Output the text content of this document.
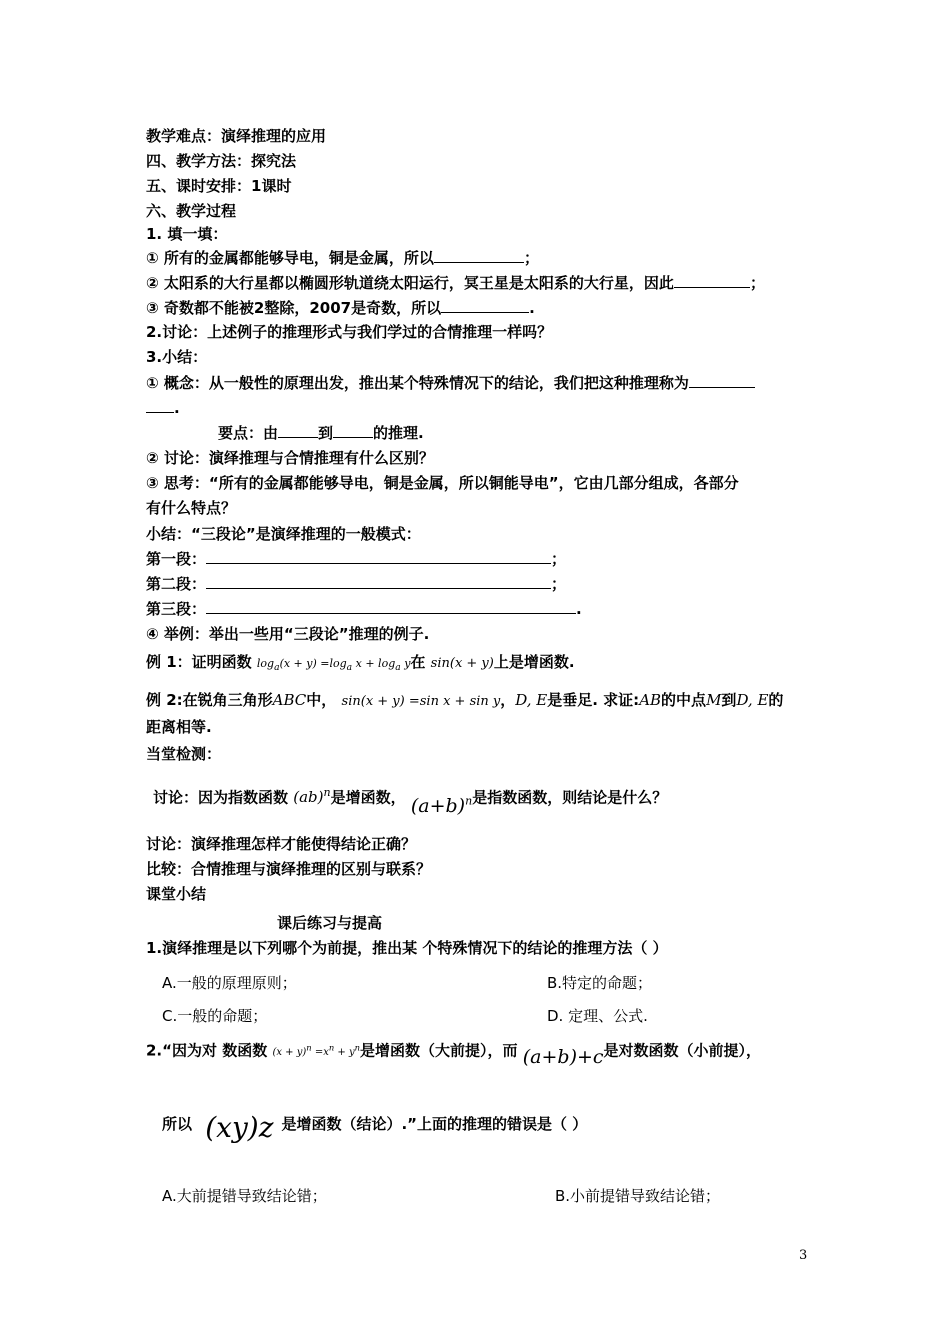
教学难点：演绎推理的应用
四、教学方法：探究法
五、课时安排：1课时
六、教学过程
1. 填一填：
① 所有的金属都能够导电，铜是金属，所以	；
② 太阳系的大行星都以椭圆形轨道绕太阳运行，冥王星是太阳系的大行星，因此	；
③ 奇数都不能被2整除，2007是奇数，所以	.
2.讨论：上述例子的推理形式与我们学过的合情推理一样吗？
3.小结：
① 概念：从一般性的原理出发，推出某个特殊情况下的结论，我们把这种推理称为
.
要点：由	到	的推理.
② 讨论：演绎推理与合情推理有什么区别？
③ 思考：“所有的金属都能够导电，铜是金属，所以铜能导电”，它由几部分组成，各部分
有什么特点？
小结：“三段论”是演绎推理的一般模式：
第一段：	；
第二段：	；
第三段：	.
④ 举例：举出一些用“三段论”推理的例子.
例 1：证明函数 $\log_a(x + y) =\log_a$ $x + \log_a y$在 sin(x + y)上是增函数.
例 2:在锐角三角形ABC中， sin(x + y) =sin x + sin y，D, E是垂足. 求证:AB的中点M到D, E的
距离相等.
当堂检测：
讨论：因为指数函数 (ab)$^n$是增函数， $(a+b)^n$是指数函数，则结论是什么？
讨论：演绎推理怎样才能使得结论正确？
比较：合情推理与演绎推理的区别与联系？
课堂小结
课后练习与提高
1.演绎推理是以下列哪个为前提，推出某 个特殊情况下的结论的推理方法（ ）
A.一般的原理原则；	B.特定的命题；
C.一般的命题；	D. 定理、公式.
2.“因为对 数函数 $(x + y)^n =x^n + y^n$是增函数（大前提），而 (a+b)+c是对数函数（小前提），
所以 (xy)z 是增函数（结论）.”上面的推理的错误是（ ）
A.大前提错导致结论错；	B.小前提错导致结论错；
3
